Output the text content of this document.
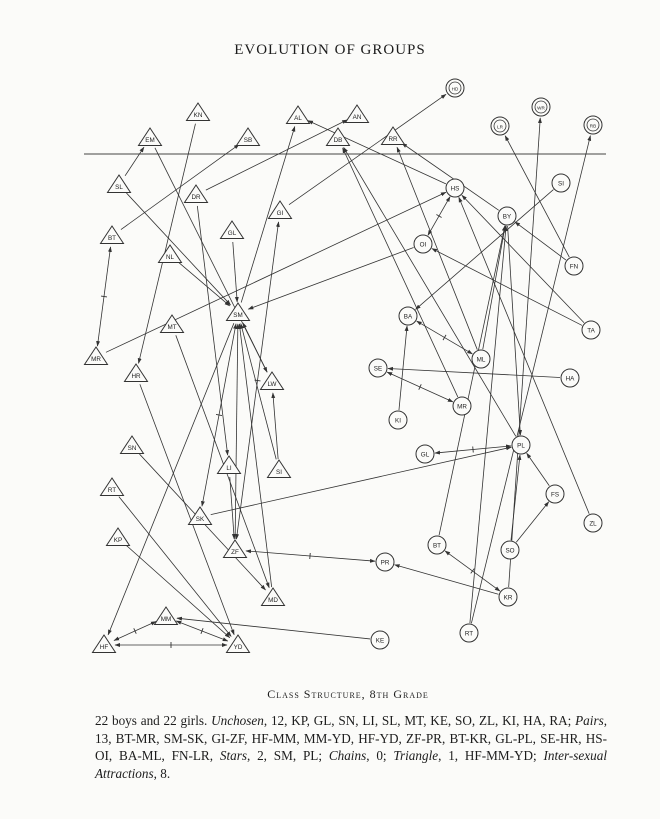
EVOLUTION OF GROUPS
EM
SL
BT
MR
RT
KP
HF
NL
MT
HR
SN
MM
YD
KN
DR
GL
SB
GI
SM
LW
LI
SI
SK
ZF
MD
AL	AN
DB	RR
HD
LR
WR
RB
HS
SI
BY
OI
FN
BA
TA
ML
SE
HA
MR
KI
GL
PL
FS
ZL
BT
SO
PR
KR
RT
KE
Class Structure, 8th Grade
22 boys and 22 girls. Unchosen, 12, KP, GL, SN, LI, SL, MT, KE, SO, ZL, KI, HA, RA; Pairs, 13, BT-MR, SM-SK, GI-ZF, HF-MM, MM-YD, HF-YD, ZF-PR, BT-KR, GL-PL, SE-HR, HS-OI, BA-ML, FN-LR, Stars, 2, SM, PL; Chains, 0; Triangle, 1, HF-MM-YD; Inter-sexual Attractions, 8.
